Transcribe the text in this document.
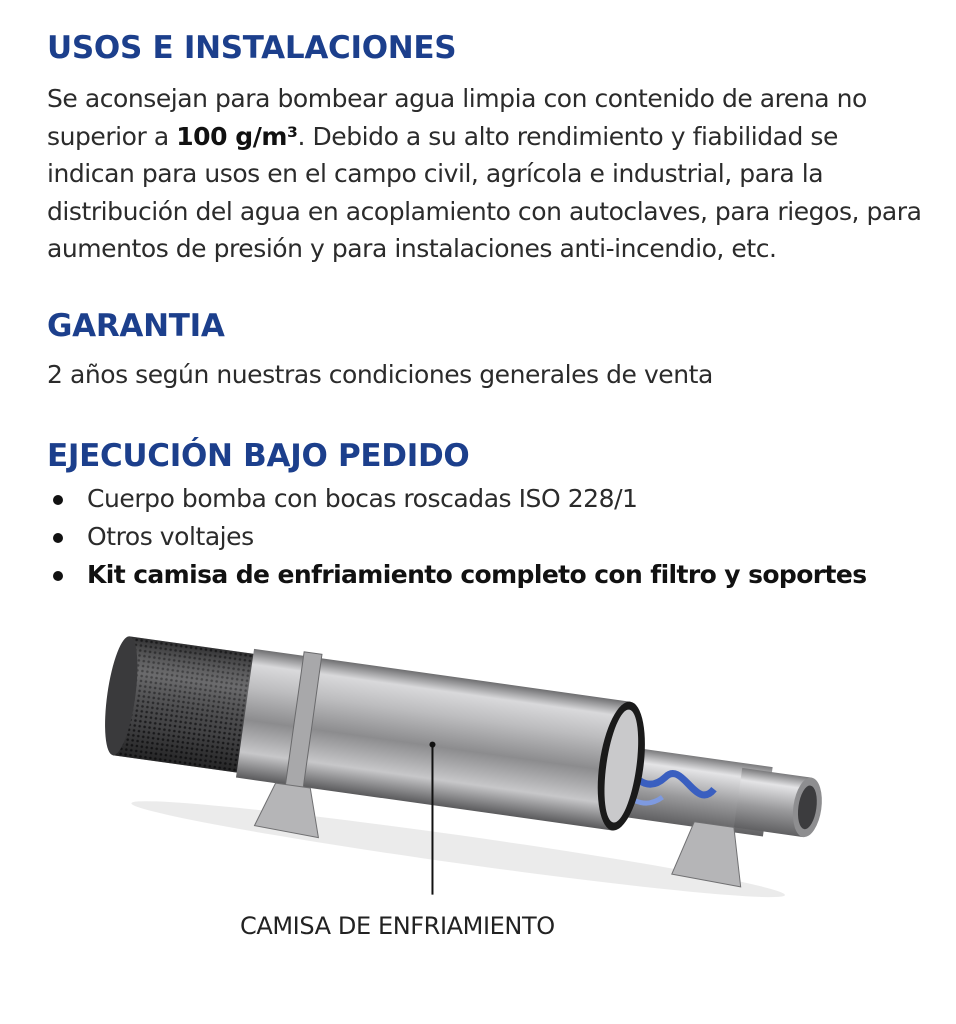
USOS E INSTALACIONES

Se aconsejan para bombear agua limpia con contenido de arena no superior a 100 g/m³. Debido a su alto rendimiento y fiabilidad se indican para usos en el campo civil, agrícola e industrial, para la distribución del agua en acoplamiento con autoclaves, para riegos, para aumentos de presión y para instalaciones anti-incendio, etc.

GARANTIA

2 años según nuestras condiciones generales de venta

EJECUCIÓN BAJO PEDIDO
Cuerpo bomba con bocas roscadas ISO 228/1
Otros voltajes
Kit camisa de enfriamiento completo con filtro y soportes
CAMISA DE ENFRIAMIENTO
